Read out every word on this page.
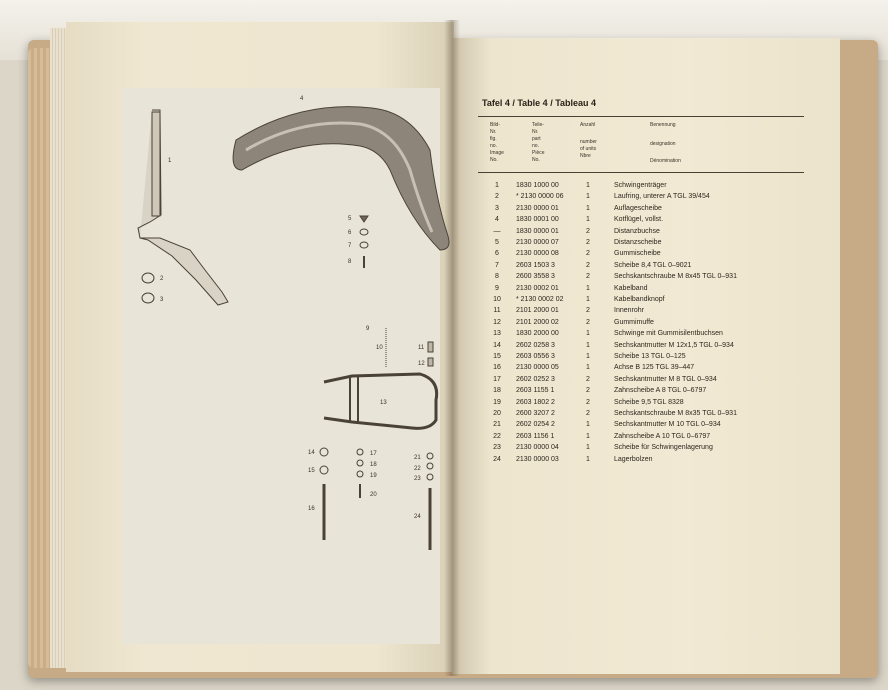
1
2
3
4
5
6
7
8
9
10	11
12
13
14
15
16
17
18
19
20
21
22
23
24
Tafel 4 / Table 4 / Tableau 4
Bild-
Nr.
fig.
no.
Image
No.
Teile-
Nr.
part
no.
Pièce
No.
Anzahl
number
of units
Nbre
Benennung
designation
Dénomination
1	1830 1000 00	1	Schwingenträger
2	* 2130 0000 06	1	Laufring, unterer A TGL 39/454
3	2130 0000 01	1	Auflagescheibe
4	1830 0001 00	1	Kotflügel, vollst.
—	1830 0000 01	2	Distanzbuchse
5	2130 0000 07	2	Distanzscheibe
6	2130 0000 08	2	Gummischeibe
7	2603 1503 3	2	Scheibe 8,4 TGL 0–9021
8	2600 3558 3	2	Sechskantschraube M 8x45 TGL 0–931
9	2130 0002 01	1	Kabelband
10	* 2130 0002 02	1	Kabelbandknopf
11	2101 2000 01	2	Innenrohr
12	2101 2000 02	2	Gummimuffe
13	1830 2000 00	1	Schwinge mit Gummisilentbuchsen
14	2602 0258 3	1	Sechskantmutter M 12x1,5 TGL 0–934
15	2603 0556 3	1	Scheibe 13 TGL 0–125
16	2130 0000 05	1	Achse B 125 TGL 39–447
17	2602 0252 3	2	Sechskantmutter M 8 TGL 0–934
18	2603 1155 1	2	Zahnscheibe A 8 TGL 0–6797
19	2603 1802 2	2	Scheibe 9,5 TGL 8328
20	2600 3207 2	2	Sechskantschraube M 8x35 TGL 0–931
21	2602 0254 2	1	Sechskantmutter M 10 TGL 0–934
22	2603 1156 1	1	Zahnscheibe A 10 TGL 0–6797
23	2130 0000 04	1	Scheibe für Schwingenlagerung
24	2130 0000 03	1	Lagerbolzen
